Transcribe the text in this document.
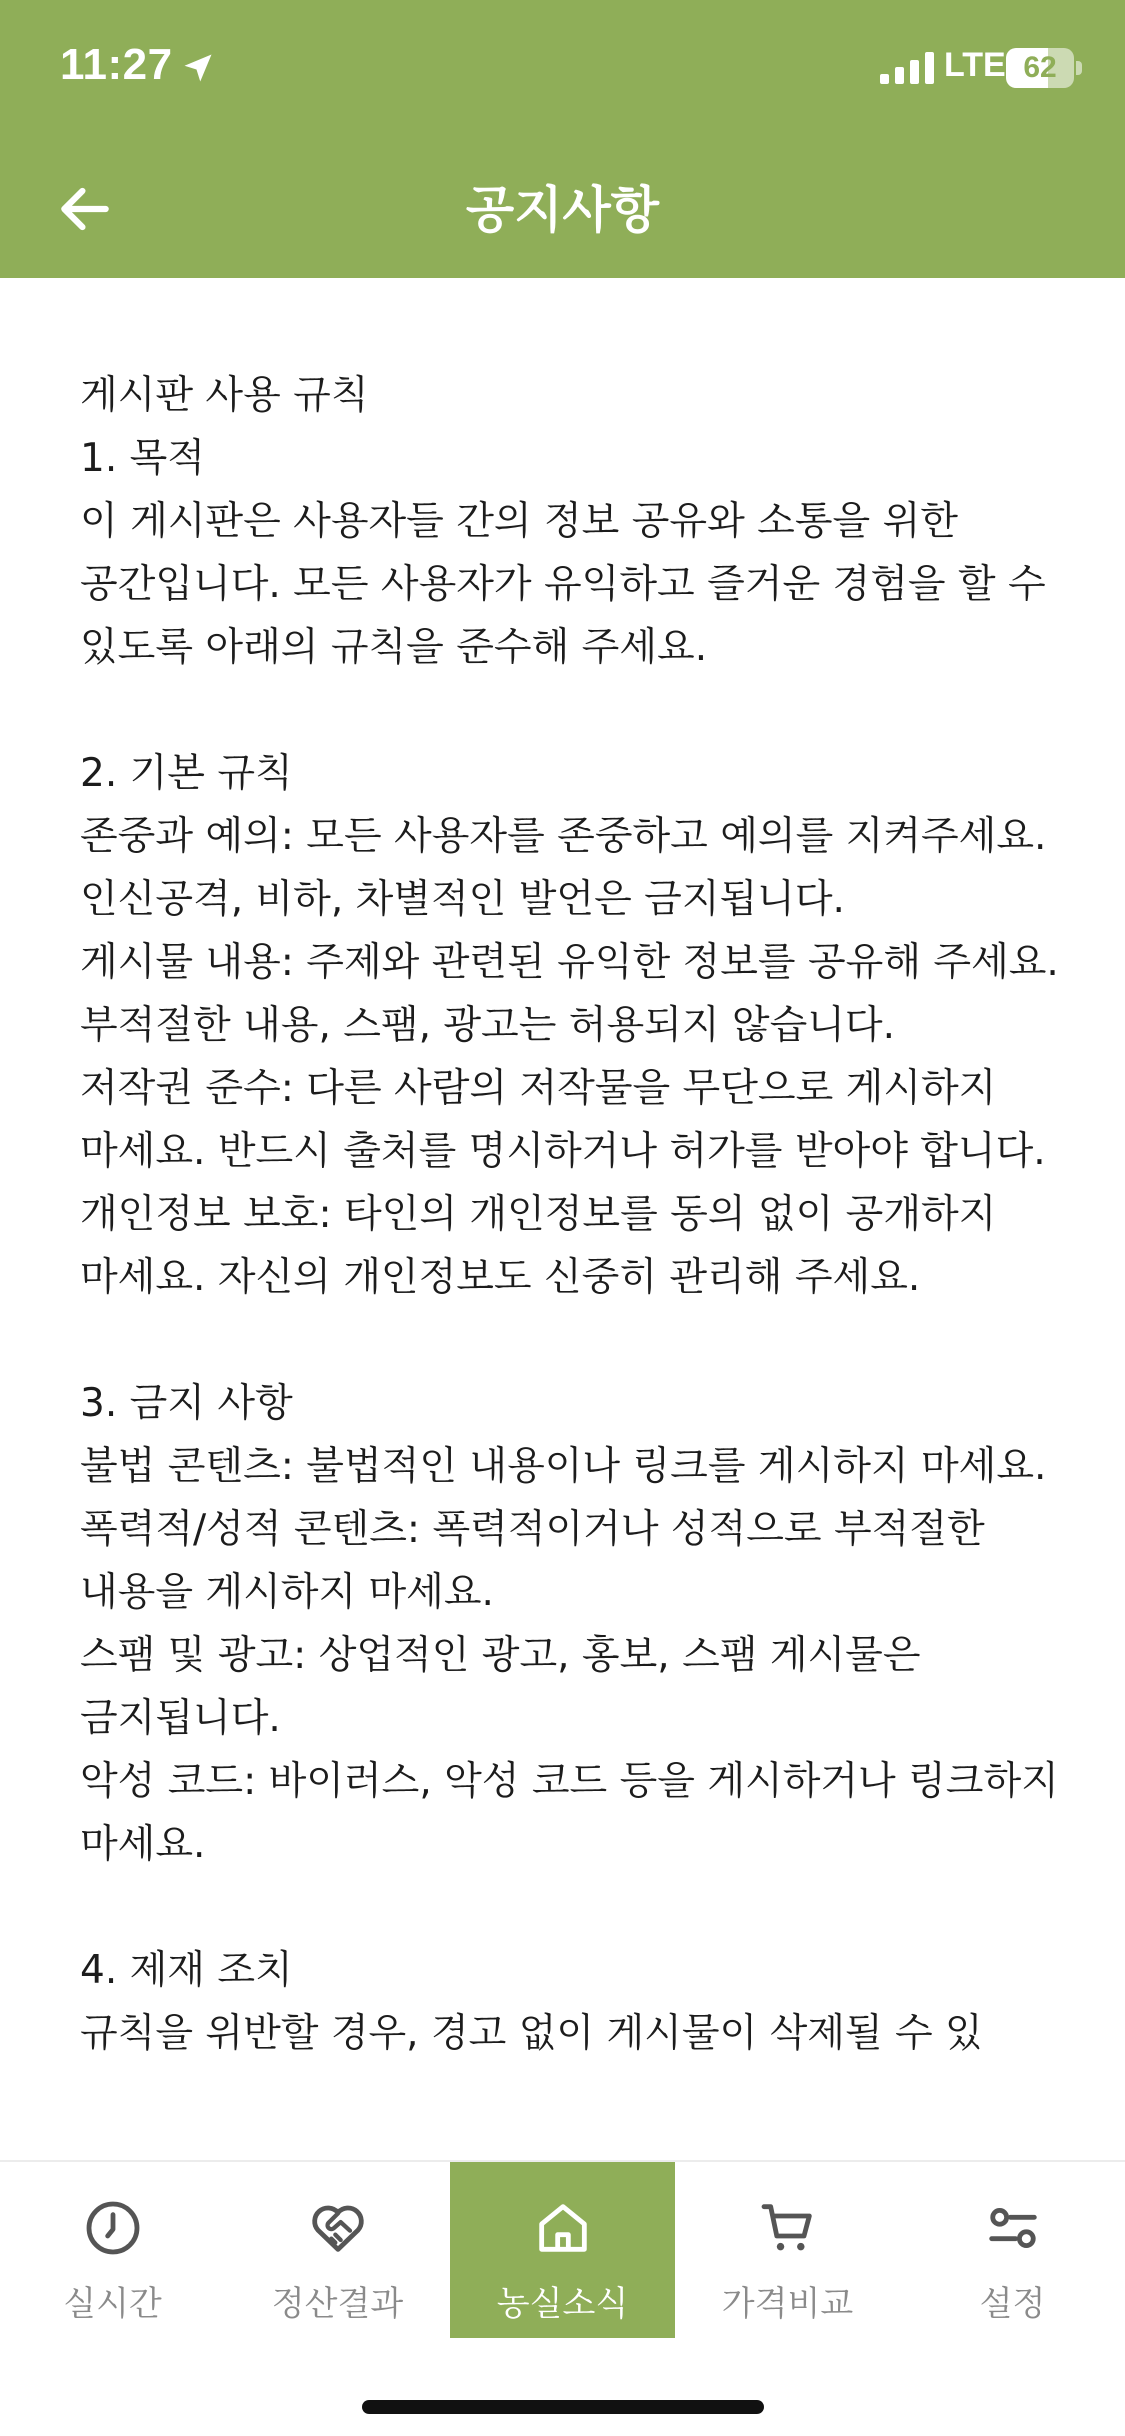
11:27	LTE 62
공지사항
게시판 사용 규칙
1. 목적
이 게시판은 사용자들 간의 정보 공유와 소통을 위한 공간입니다. 모든 사용자가 유익하고 즐거운 경험을 할 수 있도록 아래의 규칙을 준수해 주세요.

2. 기본 규칙
존중과 예의: 모든 사용자를 존중하고 예의를 지켜주세요. 인신공격, 비하, 차별적인 발언은 금지됩니다.
게시물 내용: 주제와 관련된 유익한 정보를 공유해 주세요. 부적절한 내용, 스팸, 광고는 허용되지 않습니다.
저작권 준수: 다른 사람의 저작물을 무단으로 게시하지 마세요. 반드시 출처를 명시하거나 허가를 받아야 합니다.
개인정보 보호: 타인의 개인정보를 동의 없이 공개하지 마세요. 자신의 개인정보도 신중히 관리해 주세요.

3. 금지 사항
불법 콘텐츠: 불법적인 내용이나 링크를 게시하지 마세요.
폭력적/성적 콘텐츠: 폭력적이거나 성적으로 부적절한 내용을 게시하지 마세요.
스팸 및 광고: 상업적인 광고, 홍보, 스팸 게시물은 금지됩니다.
악성 코드: 바이러스, 악성 코드 등을 게시하거나 링크하지 마세요.

4. 제재 조치
규칙을 위반할 경우, 경고 없이 게시물이 삭제될 수 있
실시간	정산결과	농실소식	가격비교	설정
